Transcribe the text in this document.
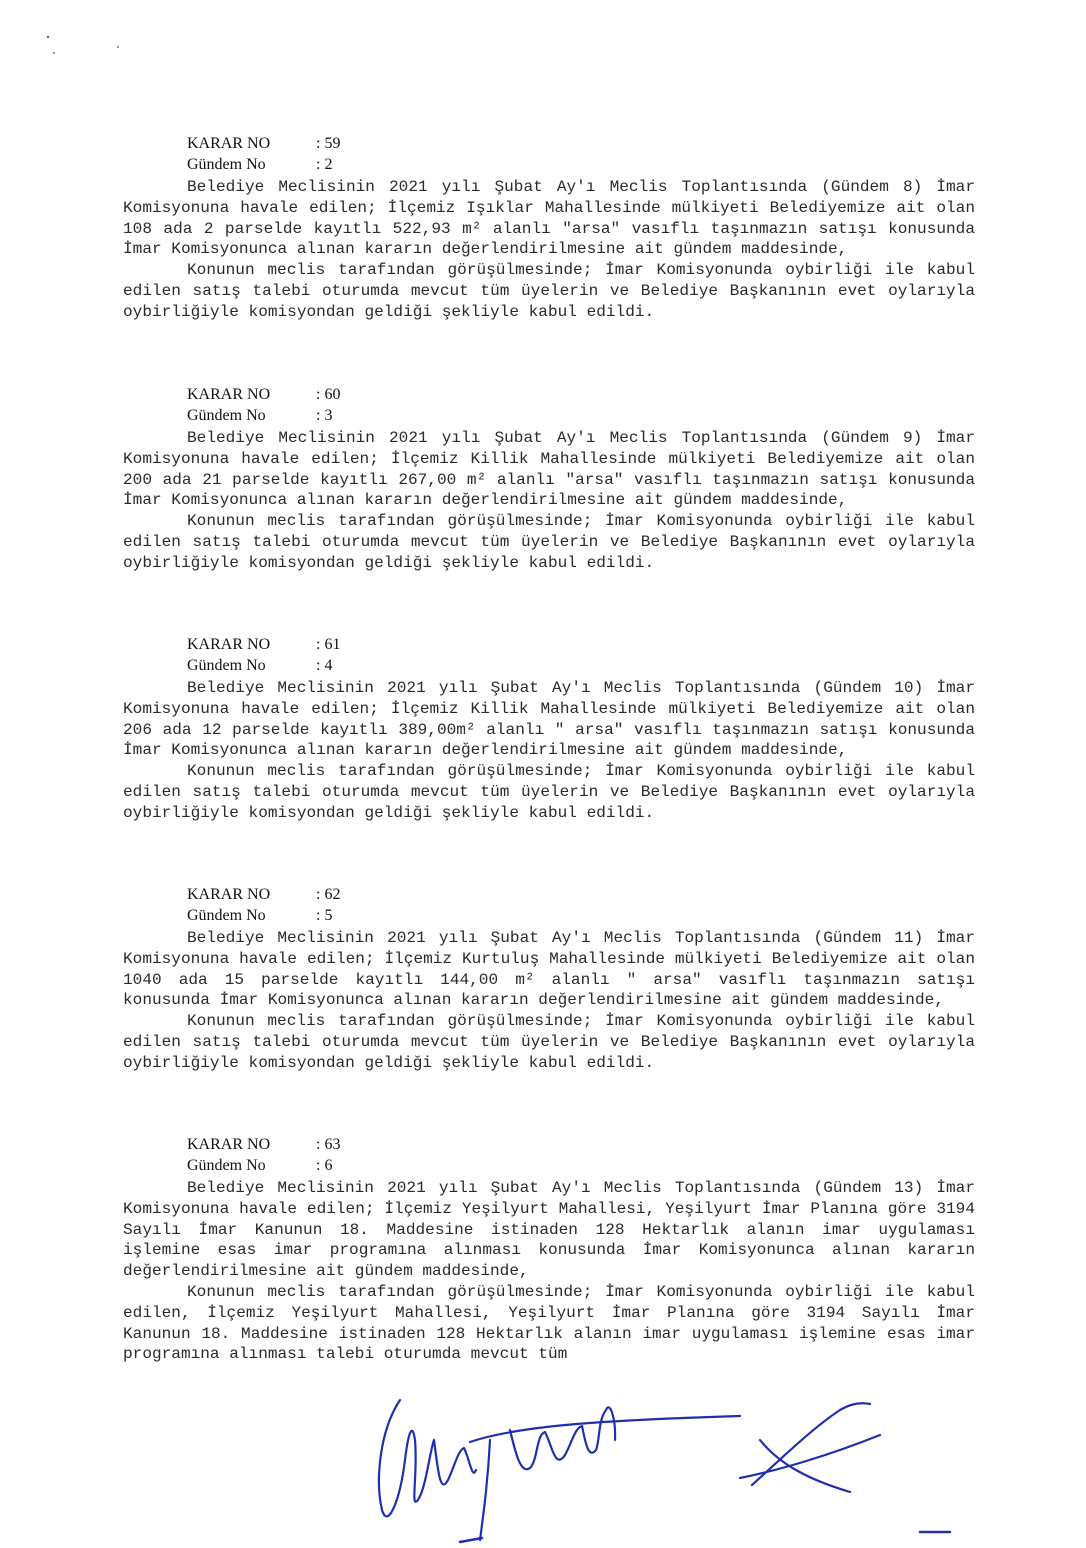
KARAR NO	: 59
Gündem No	: 2

Belediye Meclisinin 2021 yılı Şubat Ay'ı Meclis Toplantısında (Gündem 8) İmar Komisyonuna havale edilen; İlçemiz Işıklar Mahallesinde mülkiyeti Belediyemize ait olan 108 ada 2 parselde kayıtlı 522,93 m² alanlı "arsa" vasıflı taşınmazın satışı konusunda İmar Komisyonunca alınan kararın değerlendirilmesine ait gündem maddesinde,

Konunun meclis tarafından görüşülmesinde; İmar Komisyonunda oybirliği ile kabul edilen satış talebi oturumda mevcut tüm üyelerin ve Belediye Başkanının evet oylarıyla oybirliğiyle komisyondan geldiği şekliyle kabul edildi.

KARAR NO	: 60
Gündem No	: 3

Belediye Meclisinin 2021 yılı Şubat Ay'ı Meclis Toplantısında (Gündem 9) İmar Komisyonuna havale edilen; İlçemiz Killik Mahallesinde mülkiyeti Belediyemize ait olan 200 ada 21 parselde kayıtlı 267,00 m² alanlı "arsa" vasıflı taşınmazın satışı konusunda İmar Komisyonunca alınan kararın değerlendirilmesine ait gündem maddesinde,

Konunun meclis tarafından görüşülmesinde; İmar Komisyonunda oybirliği ile kabul edilen satış talebi oturumda mevcut tüm üyelerin ve Belediye Başkanının evet oylarıyla oybirliğiyle komisyondan geldiği şekliyle kabul edildi.

KARAR NO	: 61
Gündem No	: 4

Belediye Meclisinin 2021 yılı Şubat Ay'ı Meclis Toplantısında (Gündem 10) İmar Komisyonuna havale edilen; İlçemiz Killik Mahallesinde mülkiyeti Belediyemize ait olan 206 ada 12 parselde kayıtlı 389,00m² alanlı " arsa" vasıflı taşınmazın satışı konusunda İmar Komisyonunca alınan kararın değerlendirilmesine ait gündem maddesinde,

Konunun meclis tarafından görüşülmesinde; İmar Komisyonunda oybirliği ile kabul edilen satış talebi oturumda mevcut tüm üyelerin ve Belediye Başkanının evet oylarıyla oybirliğiyle komisyondan geldiği şekliyle kabul edildi.

KARAR NO	: 62
Gündem No	: 5

Belediye Meclisinin 2021 yılı Şubat Ay'ı Meclis Toplantısında (Gündem 11) İmar Komisyonuna havale edilen; İlçemiz Kurtuluş Mahallesinde mülkiyeti Belediyemize ait olan 1040 ada 15 parselde kayıtlı 144,00 m² alanlı " arsa" vasıflı taşınmazın satışı konusunda İmar Komisyonunca alınan kararın değerlendirilmesine ait gündem maddesinde,

Konunun meclis tarafından görüşülmesinde; İmar Komisyonunda oybirliği ile kabul edilen satış talebi oturumda mevcut tüm üyelerin ve Belediye Başkanının evet oylarıyla oybirliğiyle komisyondan geldiği şekliyle kabul edildi.

KARAR NO	: 63
Gündem No	: 6

Belediye Meclisinin 2021 yılı Şubat Ay'ı Meclis Toplantısında (Gündem 13) İmar Komisyonuna havale edilen; İlçemiz Yeşilyurt Mahallesi, Yeşilyurt İmar Planına göre 3194 Sayılı İmar Kanunun 18. Maddesine istinaden 128 Hektarlık alanın imar uygulaması işlemine esas imar programına alınması konusunda İmar Komisyonunca alınan kararın değerlendirilmesine ait gündem maddesinde,

Konunun meclis tarafından görüşülmesinde; İmar Komisyonunda oybirliği ile kabul edilen, İlçemiz Yeşilyurt Mahallesi, Yeşilyurt İmar Planına göre 3194 Sayılı İmar Kanunun 18. Maddesine istinaden 128 Hektarlık alanın imar uygulaması işlemine esas imar programına alınması talebi oturumda mevcut tüm
